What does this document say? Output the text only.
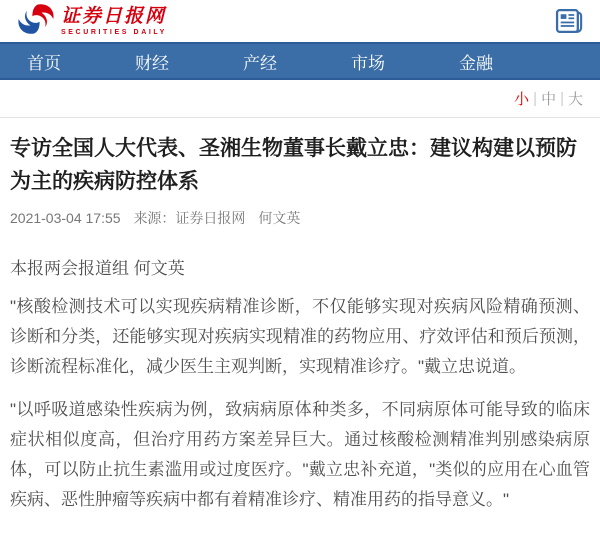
证券日报网
SECURITIES DAILY
首页	财经	产经	市场	金融
小 | 中 | 大
专访全国人大代表、圣湘生物董事长戴立忠：建议构建以预防为主的疾病防控体系
2021-03-04 17:55 来源：证券日报网 何文英
本报两会报道组 何文英

"核酸检测技术可以实现疾病精准诊断，不仅能够实现对疾病风险精确预测、诊断和分类，还能够实现对疾病实现精准的药物应用、疗效评估和预后预测，诊断流程标准化，减少医生主观判断，实现精准诊疗。"戴立忠说道。

"以呼吸道感染性疾病为例，致病病原体种类多，不同病原体可能导致的临床症状相似度高，但治疗用药方案差异巨大。通过核酸检测精准判别感染病原体，可以防止抗生素滥用或过度医疗。"戴立忠补充道，"类似的应用在心血管疾病、恶性肿瘤等疾病中都有着精准诊疗、精准用药的指导意义。"
